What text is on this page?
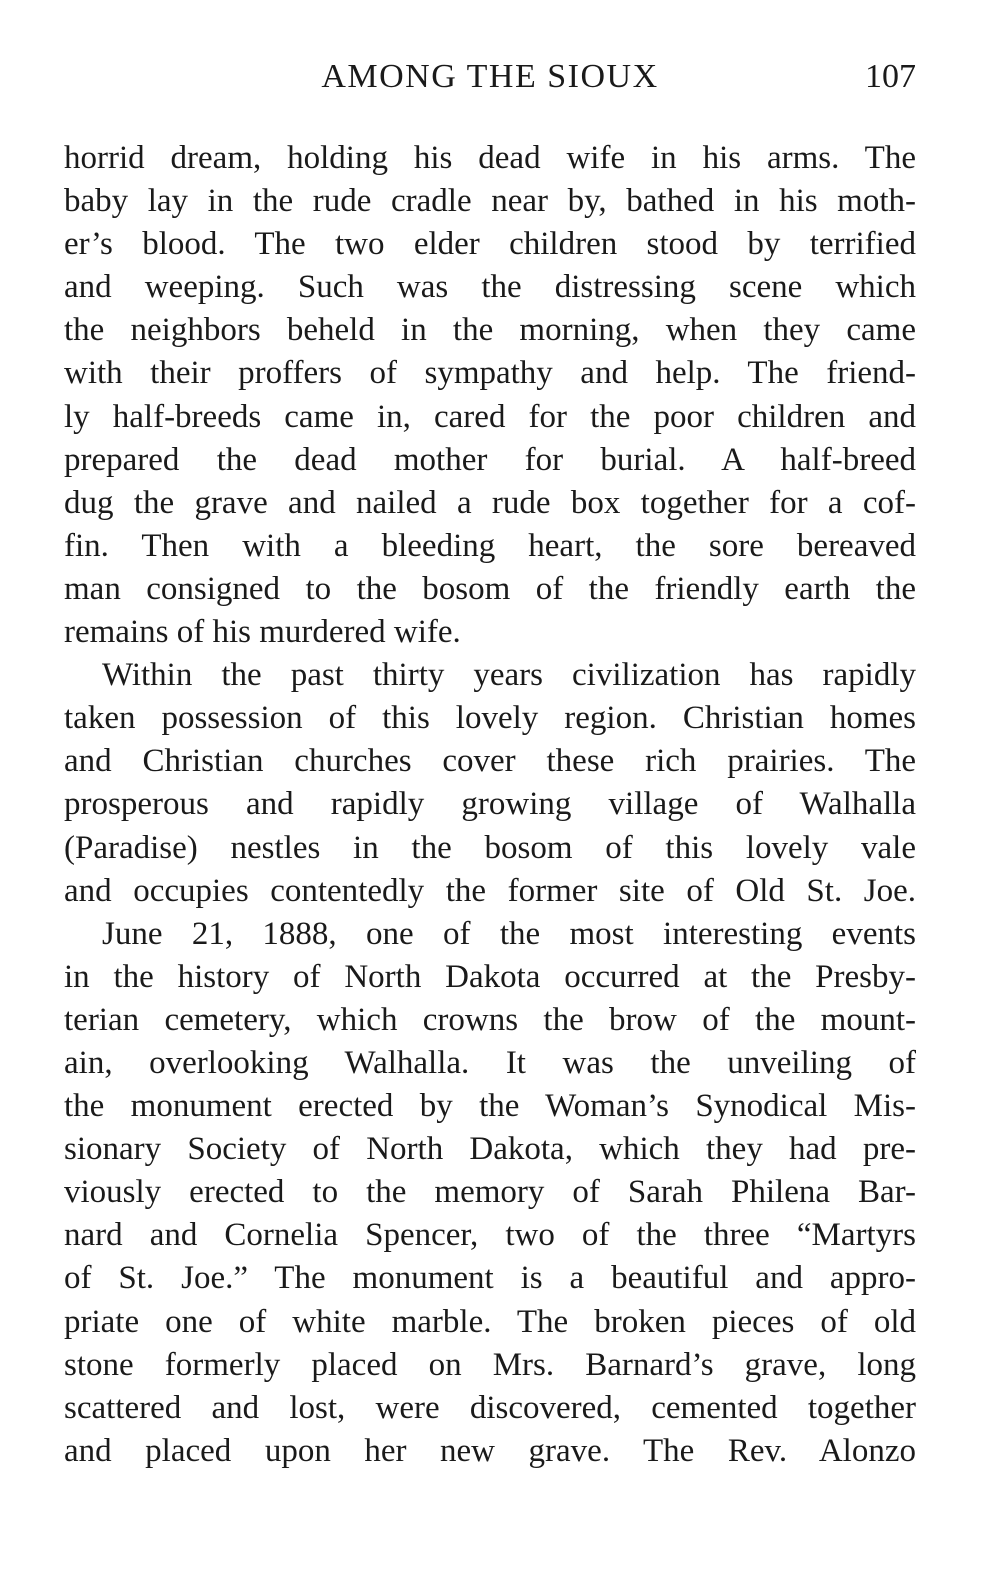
AMONG THE SIOUX	107
horrid dream, holding his dead wife in his arms. The
baby lay in the rude cradle near by, bathed in his moth-
er’s blood. The two elder children stood by terrified
and weeping. Such was the distressing scene which
the neighbors beheld in the morning, when they came
with their proffers of sympathy and help. The friend-
ly half-breeds came in, cared for the poor children and
prepared the dead mother for burial. A half-breed
dug the grave and nailed a rude box together for a cof-
fin. Then with a bleeding heart, the sore bereaved
man consigned to the bosom of the friendly earth the
remains of his murdered wife.
Within the past thirty years civilization has rapidly
taken possession of this lovely region. Christian homes
and Christian churches cover these rich prairies. The
prosperous and rapidly growing village of Walhalla
(Paradise) nestles in the bosom of this lovely vale
and occupies contentedly the former site of Old St. Joe.
June 21, 1888, one of the most interesting events
in the history of North Dakota occurred at the Presby-
terian cemetery, which crowns the brow of the mount-
ain, overlooking Walhalla. It was the unveiling of
the monument erected by the Woman’s Synodical Mis-
sionary Society of North Dakota, which they had pre-
viously erected to the memory of Sarah Philena Bar-
nard and Cornelia Spencer, two of the three “Martyrs
of St. Joe.” The monument is a beautiful and appro-
priate one of white marble. The broken pieces of old
stone formerly placed on Mrs. Barnard’s grave, long
scattered and lost, were discovered, cemented together
and placed upon her new grave. The Rev. Alonzo
